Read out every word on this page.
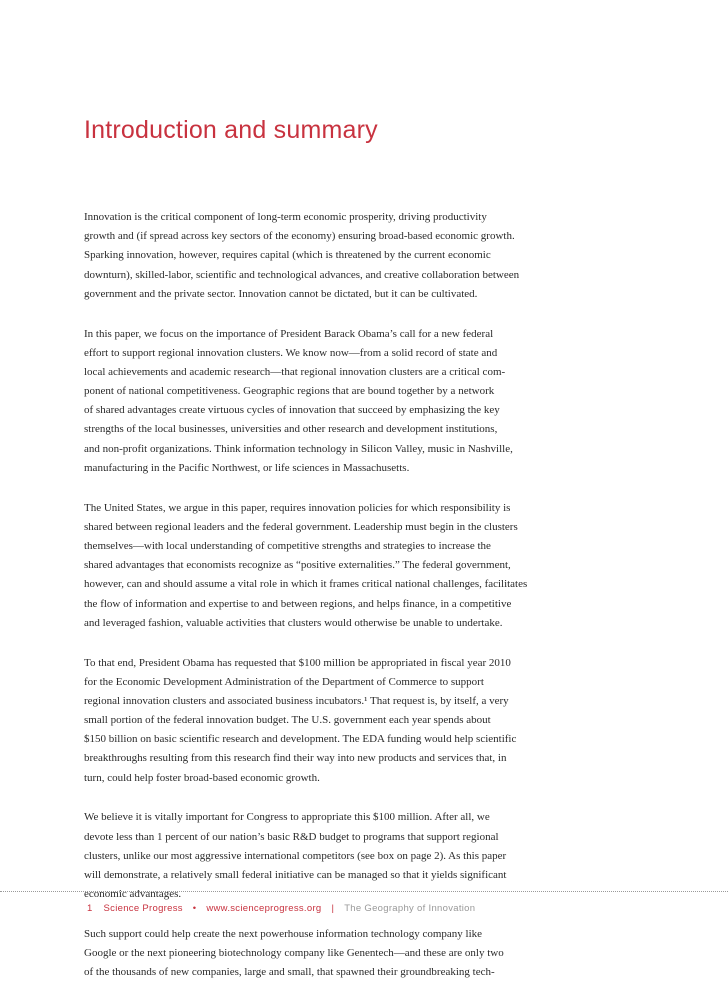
Introduction and summary
Innovation is the critical component of long-term economic prosperity, driving productivity
growth and (if spread across key sectors of the economy) ensuring broad-based economic growth.
Sparking innovation, however, requires capital (which is threatened by the current economic
downturn), skilled-labor, scientific and technological advances, and creative collaboration between
government and the private sector. Innovation cannot be dictated, but it can be cultivated.
In this paper, we focus on the importance of President Barack Obama’s call for a new federal
effort to support regional innovation clusters. We know now—from a solid record of state and
local achievements and academic research—that regional innovation clusters are a critical com-
ponent of national competitiveness. Geographic regions that are bound together by a network
of shared advantages create virtuous cycles of innovation that succeed by emphasizing the key
strengths of the local businesses, universities and other research and development institutions,
and non-profit organizations. Think information technology in Silicon Valley, music in Nashville,
manufacturing in the Pacific Northwest, or life sciences in Massachusetts.
The United States, we argue in this paper, requires innovation policies for which responsibility is
shared between regional leaders and the federal government. Leadership must begin in the clusters
themselves—with local understanding of competitive strengths and strategies to increase the
shared advantages that economists recognize as “positive externalities.” The federal government,
however, can and should assume a vital role in which it frames critical national challenges, facilitates
the flow of information and expertise to and between regions, and helps finance, in a competitive
and leveraged fashion, valuable activities that clusters would otherwise be unable to undertake.
To that end, President Obama has requested that $100 million be appropriated in fiscal year 2010
for the Economic Development Administration of the Department of Commerce to support
regional innovation clusters and associated business incubators.¹ That request is, by itself, a very
small portion of the federal innovation budget. The U.S. government each year spends about
$150 billion on basic scientific research and development. The EDA funding would help scientific
breakthroughs resulting from this research find their way into new products and services that, in
turn, could help foster broad-based economic growth.
We believe it is vitally important for Congress to appropriate this $100 million. After all, we
devote less than 1 percent of our nation’s basic R&D budget to programs that support regional
clusters, unlike our most aggressive international competitors (see box on page 2). As this paper
will demonstrate, a relatively small federal initiative can be managed so that it yields significant
economic advantages.
Such support could help create the next powerhouse information technology company like
Google or the next pioneering biotechnology company like Genentech—and these are only two
of the thousands of new companies, large and small, that spawned their groundbreaking tech-
1 Science Progress • www.scienceprogress.org | The Geography of Innovation
